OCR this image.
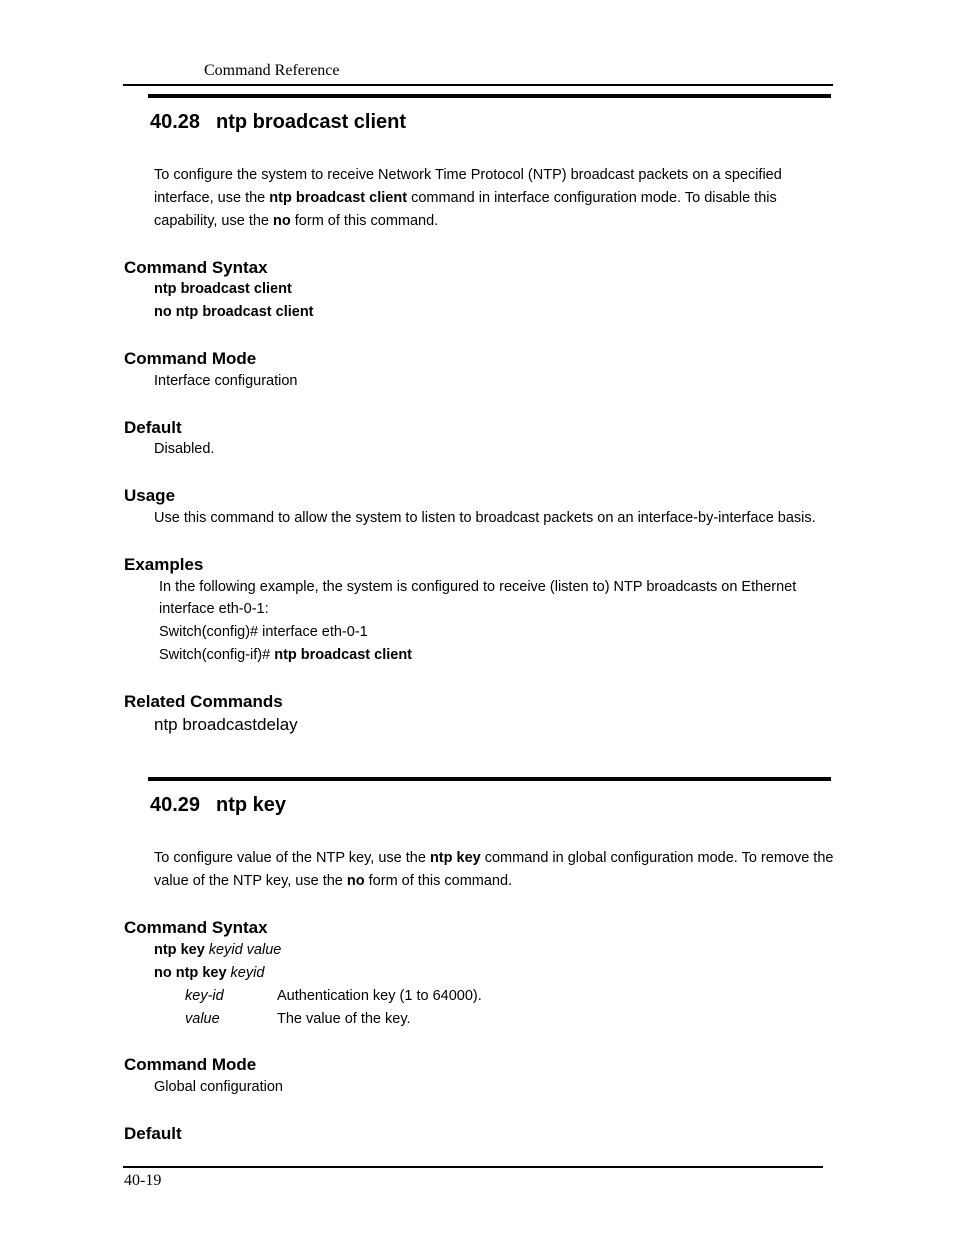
Command Reference
40.28 ntp broadcast client
To configure the system to receive Network Time Protocol (NTP) broadcast packets on a specified interface, use the ntp broadcast client command in interface configuration mode. To disable this capability, use the no form of this command.
Command Syntax
ntp broadcast client
no ntp broadcast client
Command Mode
Interface configuration
Default
Disabled.
Usage
Use this command to allow the system to listen to broadcast packets on an interface-by-interface basis.
Examples
In the following example, the system is configured to receive (listen to) NTP broadcasts on Ethernet
interface eth-0-1:
Switch(config)# interface eth-0-1
Switch(config-if)# ntp broadcast client
Related Commands
ntp broadcastdelay
40.29 ntp key
To configure value of the NTP key, use the ntp key command in global configuration mode. To remove the value of the NTP key, use the no form of this command.
Command Syntax
ntp key keyid value
no ntp key keyid
key-id	Authentication key (1 to 64000).
value	The value of the key.
Command Mode
Global configuration
Default
40-19
